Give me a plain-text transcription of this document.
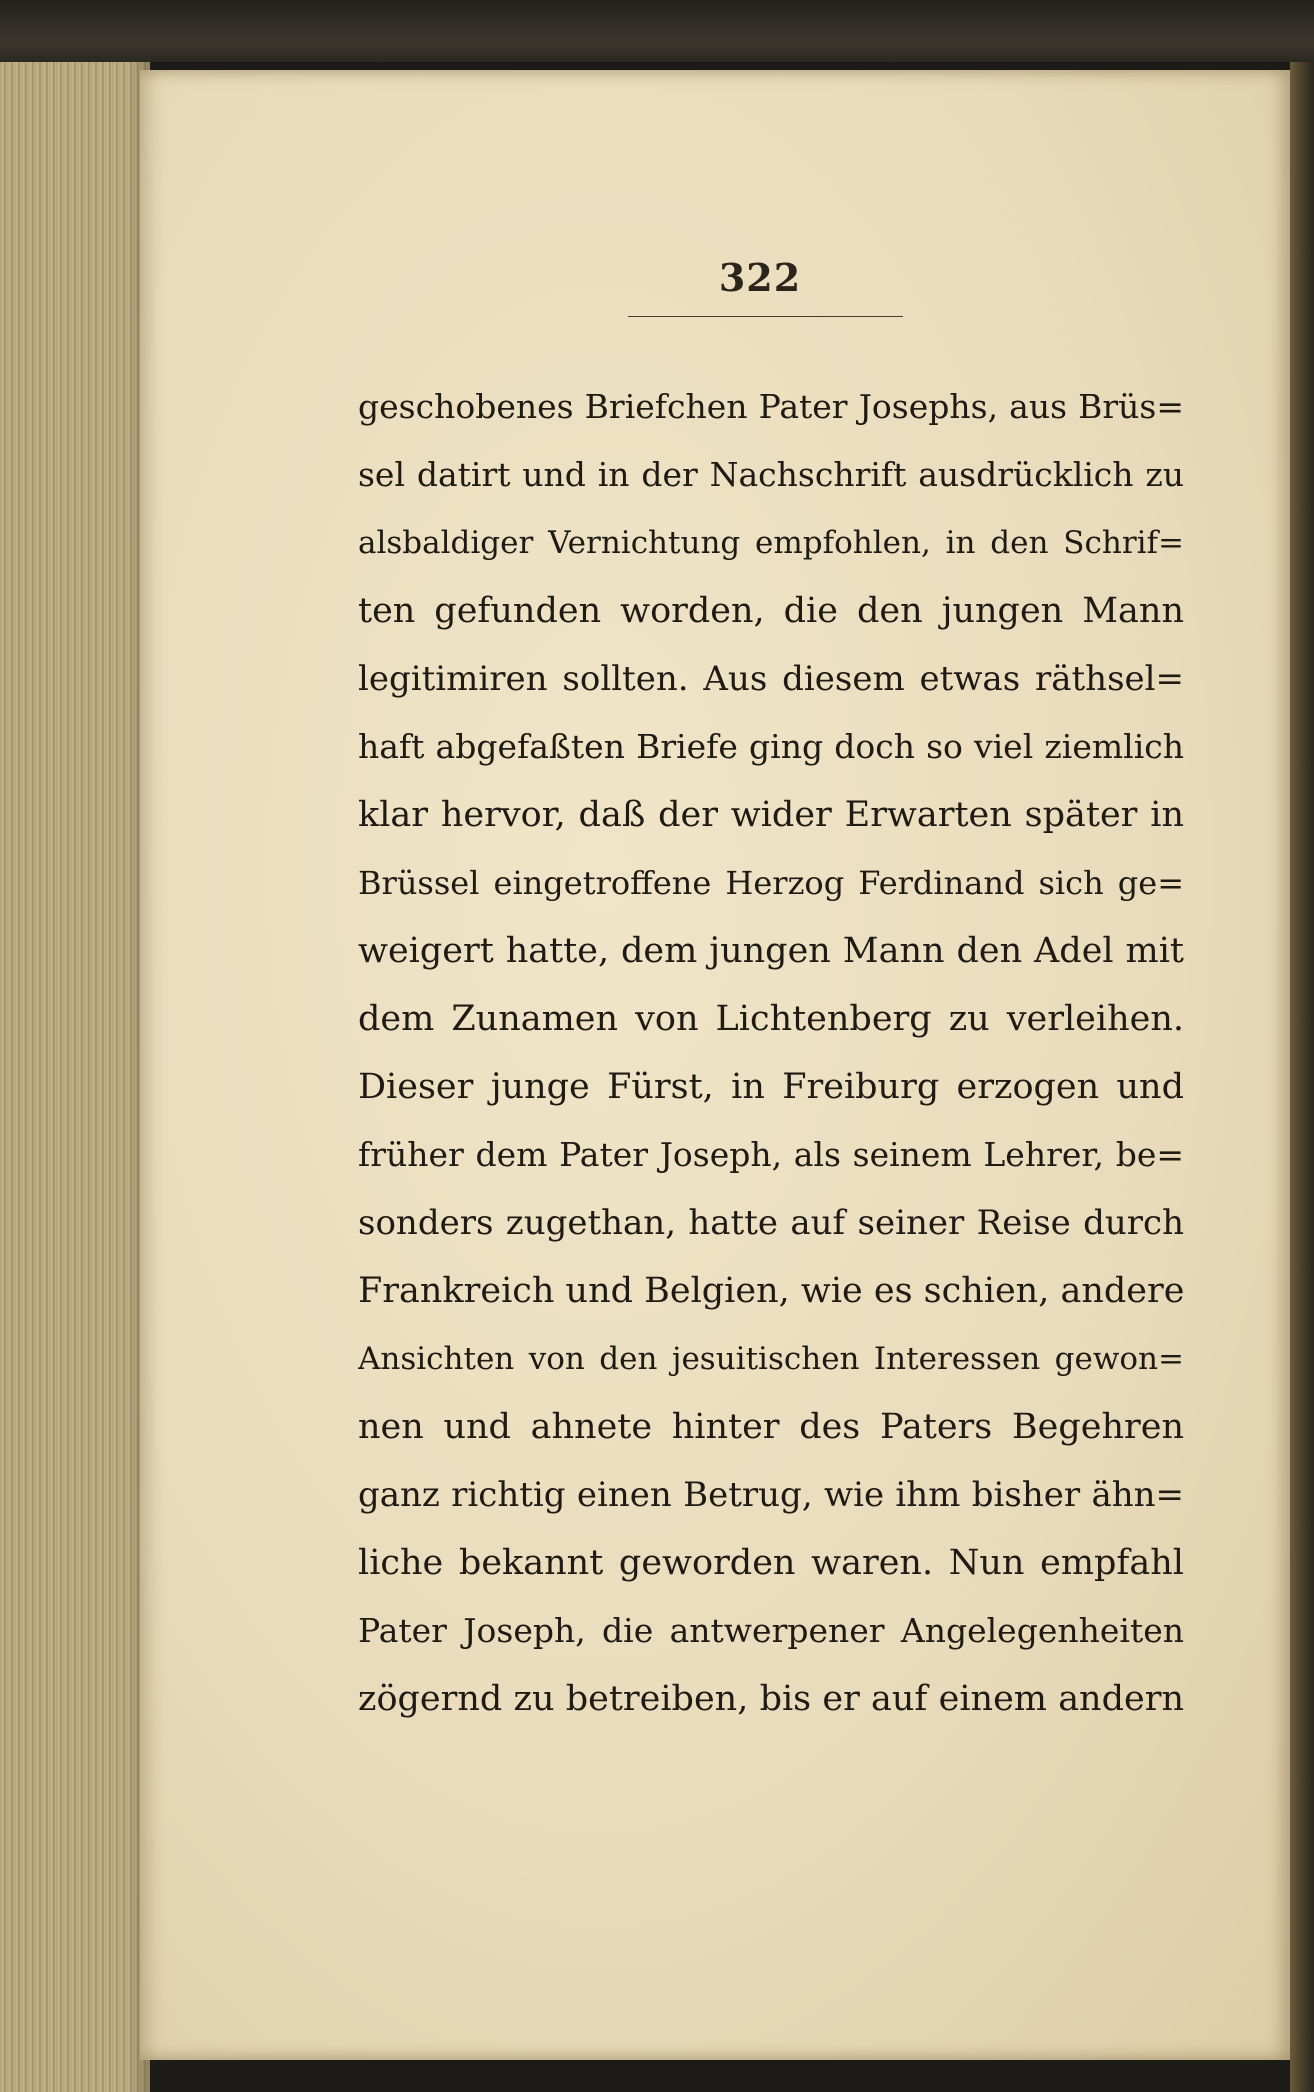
322
geschobenes Briefchen Pater Josephs, aus Brüs=
sel datirt und in der Nachschrift ausdrücklich zu
alsbaldiger Vernichtung empfohlen, in den Schrif=
ten gefunden worden, die den jungen Mann
legitimiren sollten. Aus diesem etwas räthsel=
haft abgefaßten Briefe ging doch so viel ziemlich
klar hervor, daß der wider Erwarten später in
Brüssel eingetroffene Herzog Ferdinand sich ge=
weigert hatte, dem jungen Mann den Adel mit
dem Zunamen von Lichtenberg zu verleihen.
Dieser junge Fürst, in Freiburg erzogen und
früher dem Pater Joseph, als seinem Lehrer, be=
sonders zugethan, hatte auf seiner Reise durch
Frankreich und Belgien, wie es schien, andere
Ansichten von den jesuitischen Interessen gewon=
nen und ahnete hinter des Paters Begehren
ganz richtig einen Betrug, wie ihm bisher ähn=
liche bekannt geworden waren. Nun empfahl
Pater Joseph, die antwerpener Angelegenheiten
zögernd zu betreiben, bis er auf einem andern
